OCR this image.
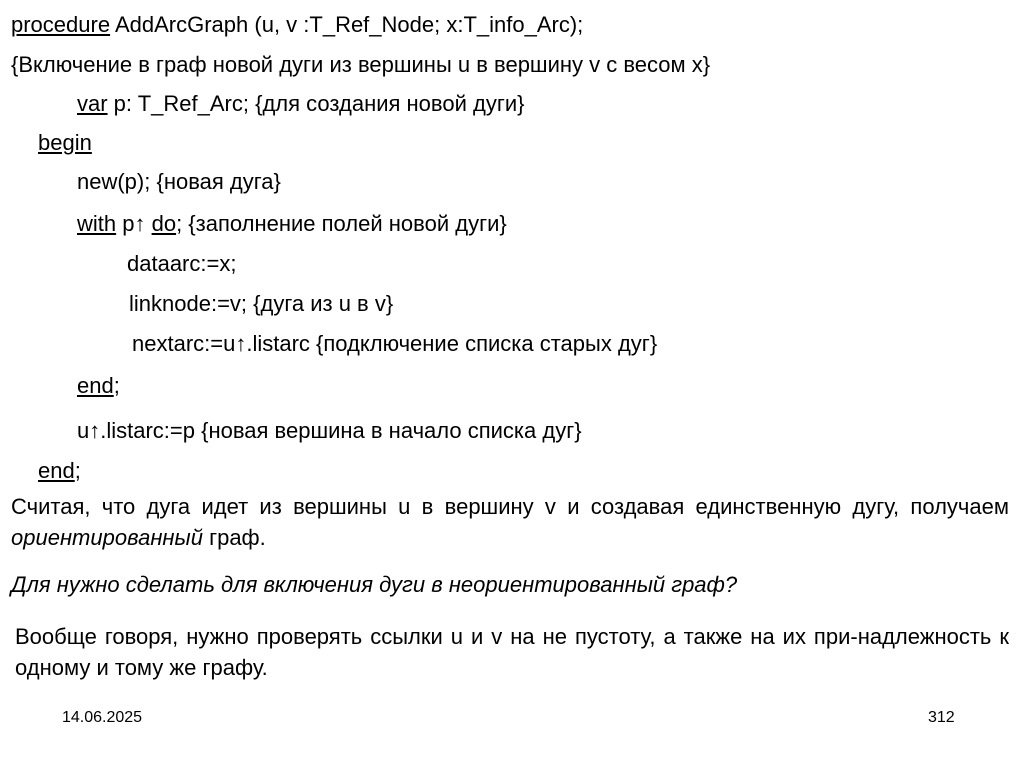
procedure AddArcGraph (u, v :T_Ref_Node; x:T_info_Arc);
{Включение в граф новой дуги из вершины u в вершину v с весом x}
var p: T_Ref_Arc; {для создания новой дуги}
begin
new(p); {новая дуга}
with p↑ do; {заполнение полей новой дуги}
dataarc:=x;
linknode:=v; {дуга из u в v}
nextarc:=u↑.listarc {подключение списка старых дуг}
end;
u↑.listarc:=p {новая вершина в начало списка дуг}
end;
Считая, что дуга идет из вершины u в вершину v и создавая единственную дугу, получаем ориентированный граф.
Для нужно сделать для включения дуги в неориентированный граф?
Вообще говоря, нужно проверять ссылки u и v на не пустоту, а также на их при-надлежность к одному и тому же графу.
14.06.2025	312
